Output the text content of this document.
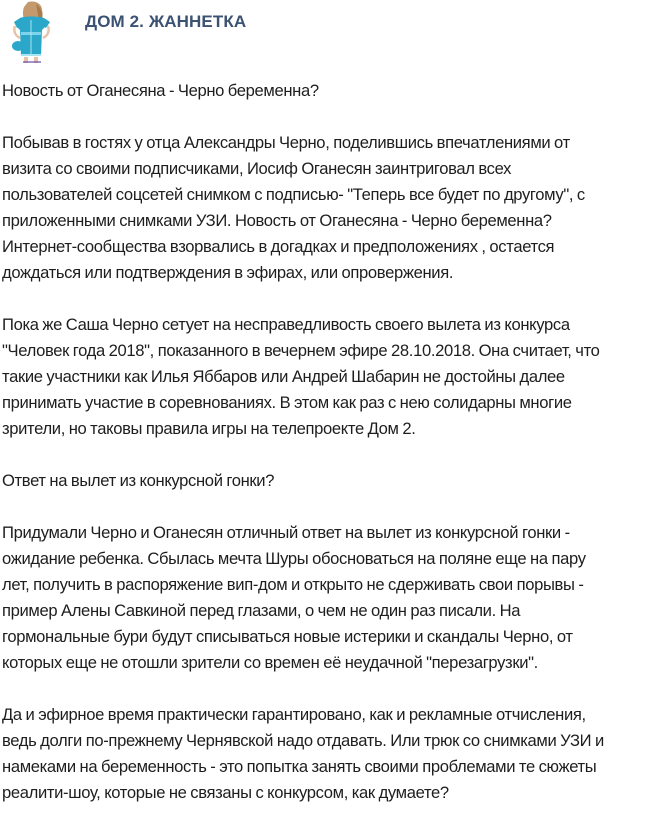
ДОМ 2. ЖАННЕТКА

Новость от Оганесяна - Черно беременна?

Побывав в гостях у отца Александры Черно, поделившись впечатлениями от
визита со своими подписчиками, Иосиф Оганесян заинтриговал всех
пользователей соцсетей снимком с подписью- "Теперь все будет по другому", с
приложенными снимками УЗИ. Новость от Оганесяна - Черно беременна?
Интернет-сообщества взорвались в догадках и предположениях , остается
дождаться или подтверждения в эфирах, или опровержения.

Пока же Саша Черно сетует на несправедливость своего вылета из конкурса
"Человек года 2018", показанного в вечернем эфире 28.10.2018. Она считает, что
такие участники как Илья Яббаров или Андрей Шабарин не достойны далее
принимать участие в соревнованиях. В этом как раз с нею солидарны многие
зрители, но таковы правила игры на телепроекте Дом 2.

Ответ на вылет из конкурсной гонки?

Придумали Черно и Оганесян отличный ответ на вылет из конкурсной гонки -
ожидание ребенка. Сбылась мечта Шуры обосноваться на поляне еще на пару
лет, получить в распоряжение вип-дом и открыто не сдерживать свои порывы -
пример Алены Савкиной перед глазами, о чем не один раз писали. На
гормональные бури будут списываться новые истерики и скандалы Черно, от
которых еще не отошли зрители со времен её неудачной "перезагрузки".

Да и эфирное время практически гарантировано, как и рекламные отчисления,
ведь долги по-прежнему Чернявской надо отдавать. Или трюк со снимками УЗИ и
намеками на беременность - это попытка занять своими проблемами те сюжеты
реалити-шоу, которые не связаны с конкурсом, как думаете?
